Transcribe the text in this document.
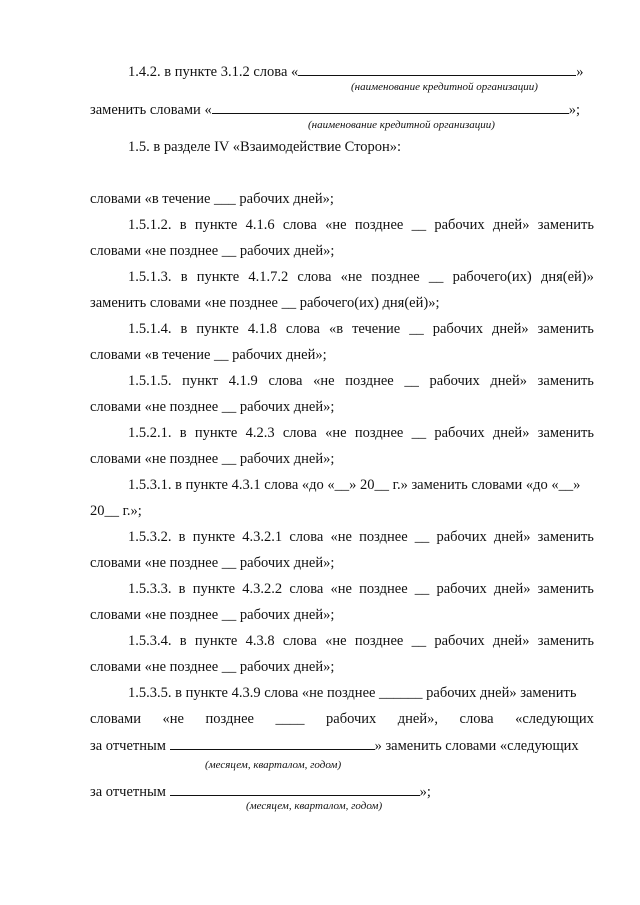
1.4.2. в пункте 3.1.2 слова «	»
(наименование кредитной организации)
заменить словами «	»;
(наименование кредитной организации)
1.5. в разделе IV «Взаимодействие Сторон»:
словами «в течение ___ рабочих дней»;
1.5.1.2. в пункте 4.1.6 слова «не позднее __ рабочих дней» заменить
словами «не позднее __ рабочих дней»;
1.5.1.3. в пункте 4.1.7.2 слова «не позднее __ рабочего(их) дня(ей)»
заменить словами «не позднее __ рабочего(их) дня(ей)»;
1.5.1.4. в пункте 4.1.8 слова «в течение __ рабочих дней» заменить
словами «в течение __ рабочих дней»;
1.5.1.5. пункт 4.1.9 слова «не позднее __ рабочих дней» заменить
словами «не позднее __ рабочих дней»;
1.5.2.1. в пункте 4.2.3 слова «не позднее __ рабочих дней» заменить
словами «не позднее __ рабочих дней»;
1.5.3.1. в пункте 4.3.1 слова «до «__» 20__ г.» заменить словами «до «__»
20__ г.»;
1.5.3.2. в пункте 4.3.2.1 слова «не позднее __ рабочих дней» заменить
словами «не позднее __ рабочих дней»;
1.5.3.3. в пункте 4.3.2.2 слова «не позднее __ рабочих дней» заменить
словами «не позднее __ рабочих дней»;
1.5.3.4. в пункте 4.3.8 слова «не позднее __ рабочих дней» заменить
словами «не позднее __ рабочих дней»;
1.5.3.5. в пункте 4.3.9 слова «не позднее ______ рабочих дней» заменить
словами «не позднее ____ рабочих дней», слова «следующих
за отчетным	» заменить словами «следующих
(месяцем, кварталом, годом)
за отчетным	»;
(месяцем, кварталом, годом)
